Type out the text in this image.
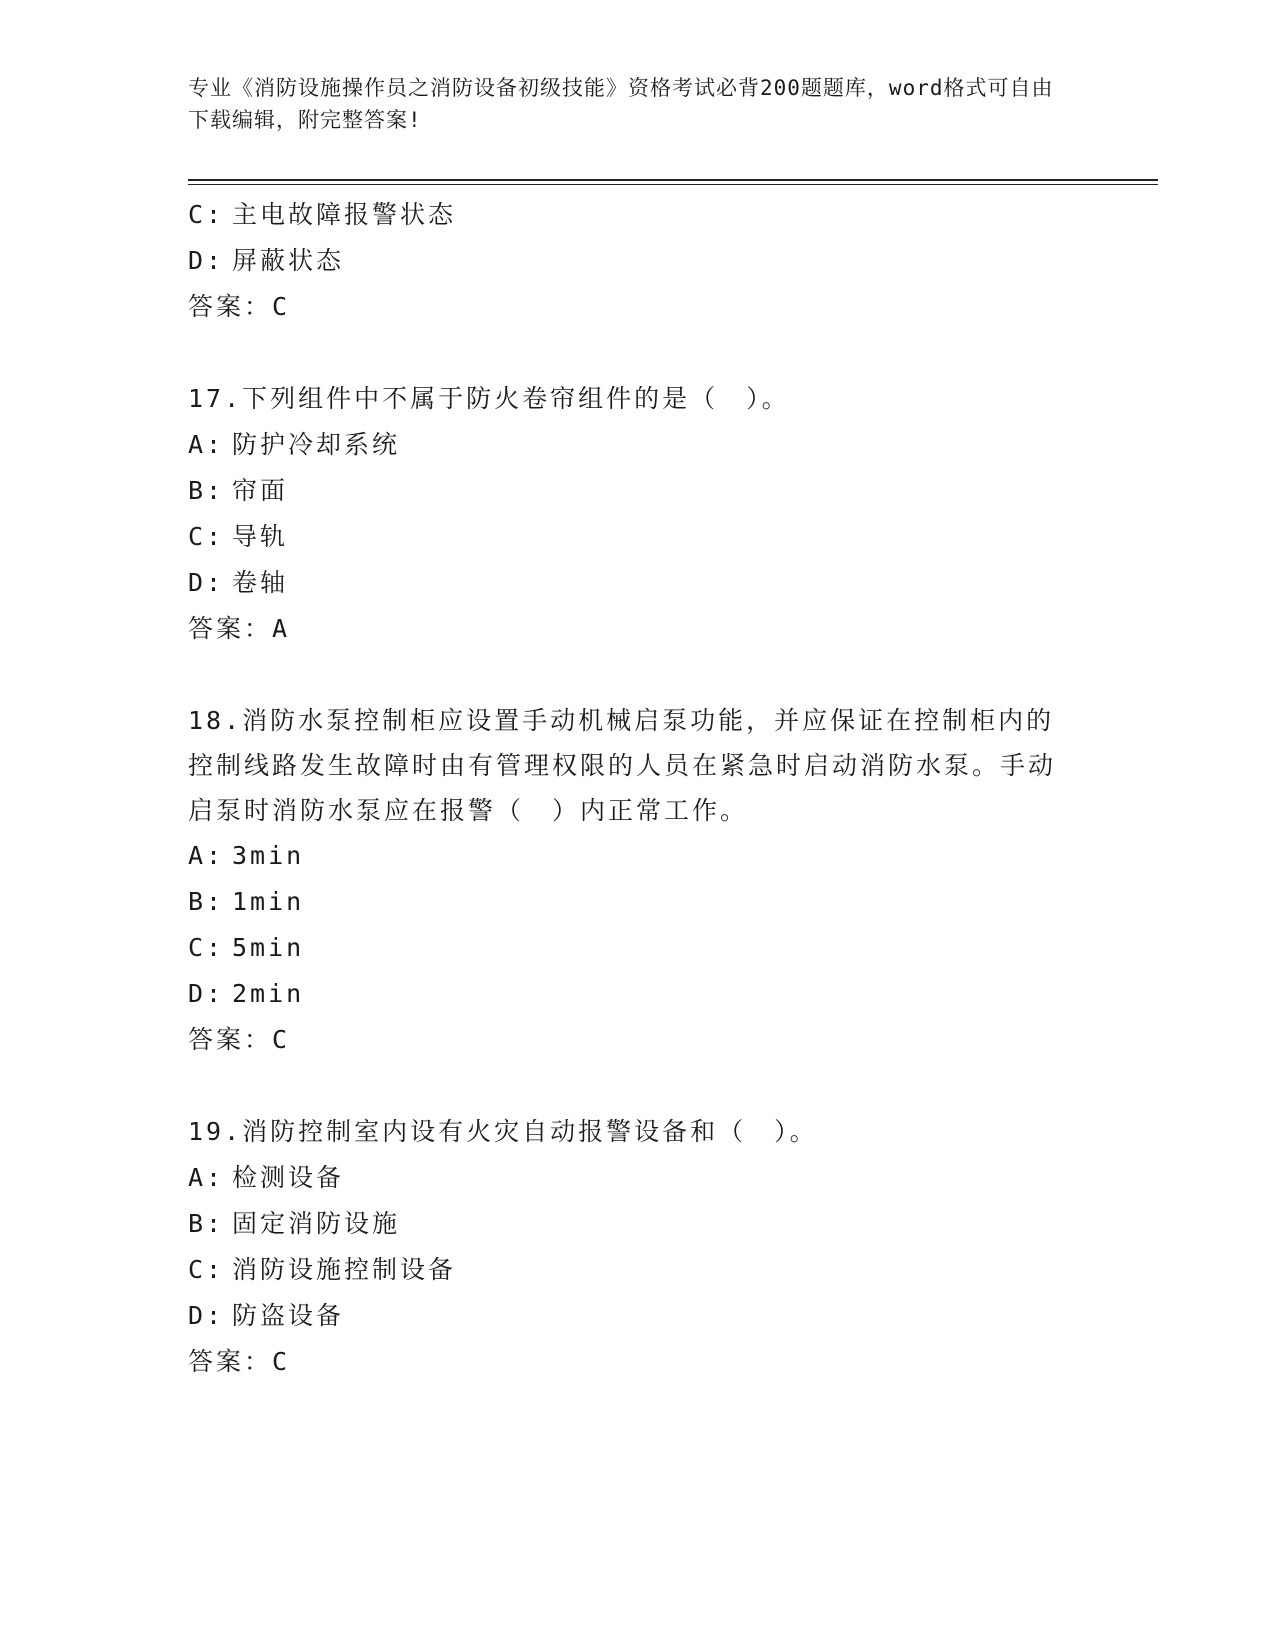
专业《消防设施操作员之消防设备初级技能》资格考试必背200题题库，word格式可自由下载编辑，附完整答案!
C: 主电故障报警状态
D: 屏蔽状态
答案：C
17.下列组件中不属于防火卷帘组件的是（　）。
A: 防护冷却系统
B: 帘面
C: 导轨
D: 卷轴
答案：A
18.消防水泵控制柜应设置手动机械启泵功能，并应保证在控制柜内的控制线路发生故障时由有管理权限的人员在紧急时启动消防水泵。手动启泵时消防水泵应在报警（　）内正常工作。
A: 3min
B: 1min
C: 5min
D: 2min
答案：C
19.消防控制室内设有火灾自动报警设备和（　）。
A: 检测设备
B: 固定消防设施
C: 消防设施控制设备
D: 防盗设备
答案：C
